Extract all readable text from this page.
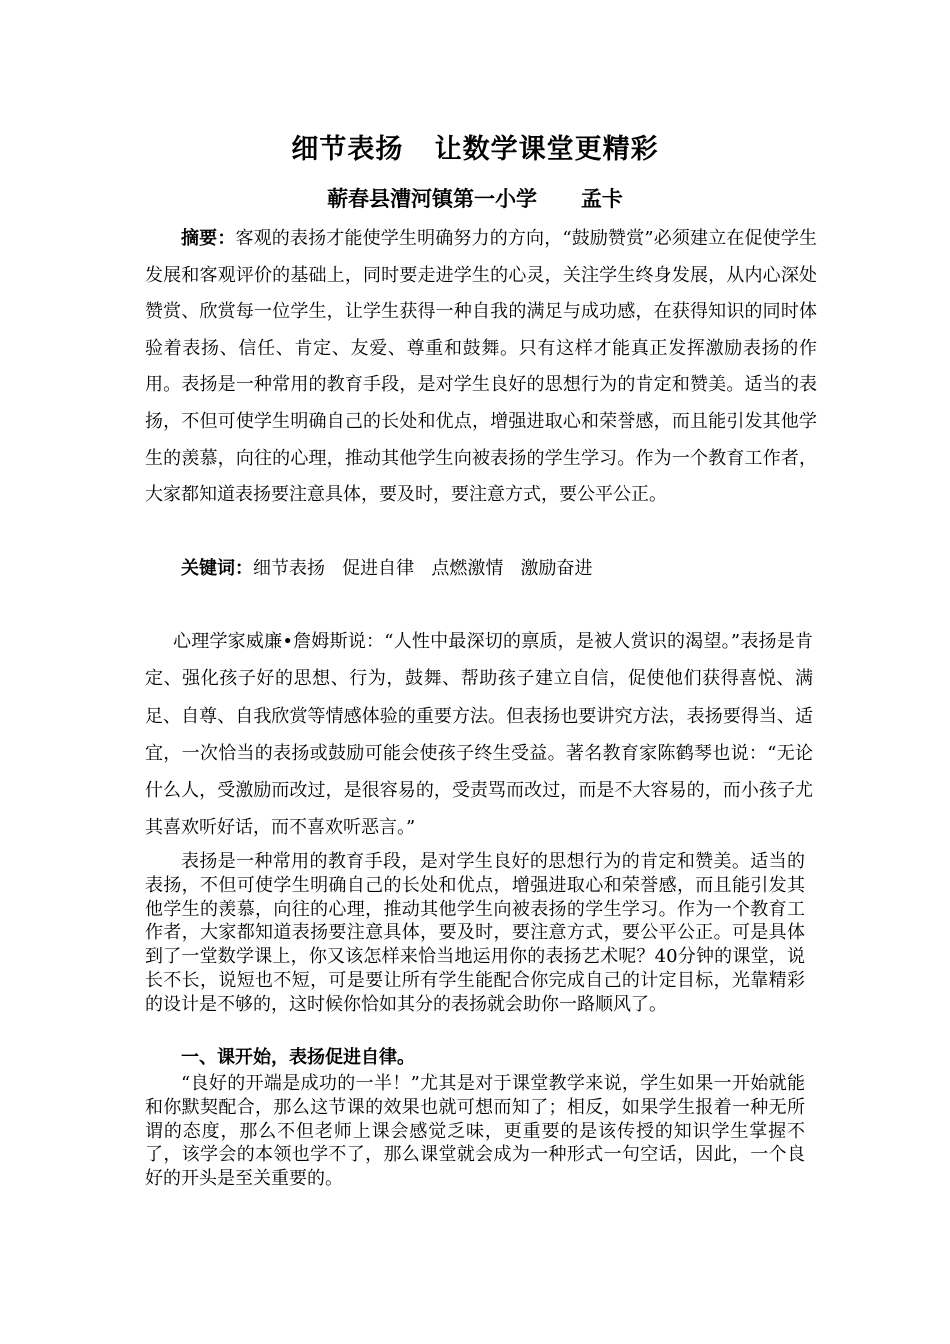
细节表扬   让数学课堂更精彩
蕲春县漕河镇第一小学      孟卡

摘要：客观的表扬才能使学生明确努力的方向，“鼓励赞赏”必须建立在促使学生发展和客观评价的基础上，同时要走进学生的心灵，关注学生终身发展，从内心深处赞赏、欣赏每一位学生，让学生获得一种自我的满足与成功感，在获得知识的同时体验着表扬、信任、肯定、友爱、尊重和鼓舞。只有这样才能真正发挥激励表扬的作用。表扬是一种常用的教育手段，是对学生良好的思想行为的肯定和赞美。适当的表扬，不但可使学生明确自己的长处和优点，增强进取心和荣誉感，而且能引发其他学生的羡慕，向往的心理，推动其他学生向被表扬的学生学习。作为一个教育工作者，大家都知道表扬要注意具体，要及时，要注意方式，要公平公正。

关键词：细节表扬   促进自律   点燃激情   激励奋进

心理学家威廉•詹姆斯说：“人性中最深切的禀质，是被人赏识的渴望。”表扬是肯定、强化孩子好的思想、行为，鼓舞、帮助孩子建立自信，促使他们获得喜悦、满足、自尊、自我欣赏等情感体验的重要方法。但表扬也要讲究方法，表扬要得当、适宜，一次恰当的表扬或鼓励可能会使孩子终生受益。著名教育家陈鹤琴也说：“无论什么人，受激励而改过，是很容易的，受责骂而改过，而是不大容易的，而小孩子尤其喜欢听好话，而不喜欢听恶言。”

表扬是一种常用的教育手段，是对学生良好的思想行为的肯定和赞美。适当的表扬，不但可使学生明确自己的长处和优点，增强进取心和荣誉感，而且能引发其他学生的羡慕，向往的心理，推动其他学生向被表扬的学生学习。作为一个教育工作者，大家都知道表扬要注意具体，要及时，要注意方式，要公平公正。可是具体到了一堂数学课上，你又该怎样来恰当地运用你的表扬艺术呢？40分钟的课堂，说长不长，说短也不短，可是要让所有学生能配合你完成自己的计定目标，光靠精彩的设计是不够的，这时候你恰如其分的表扬就会助你一路顺风了。

一、课开始，表扬促进自律。

“良好的开端是成功的一半！”尤其是对于课堂教学来说，学生如果一开始就能和你默契配合，那么这节课的效果也就可想而知了；相反，如果学生报着一种无所谓的态度，那么不但老师上课会感觉乏味，更重要的是该传授的知识学生掌握不了，该学会的本领也学不了，那么课堂就会成为一种形式一句空话，因此，一个良好的开头是至关重要的。
